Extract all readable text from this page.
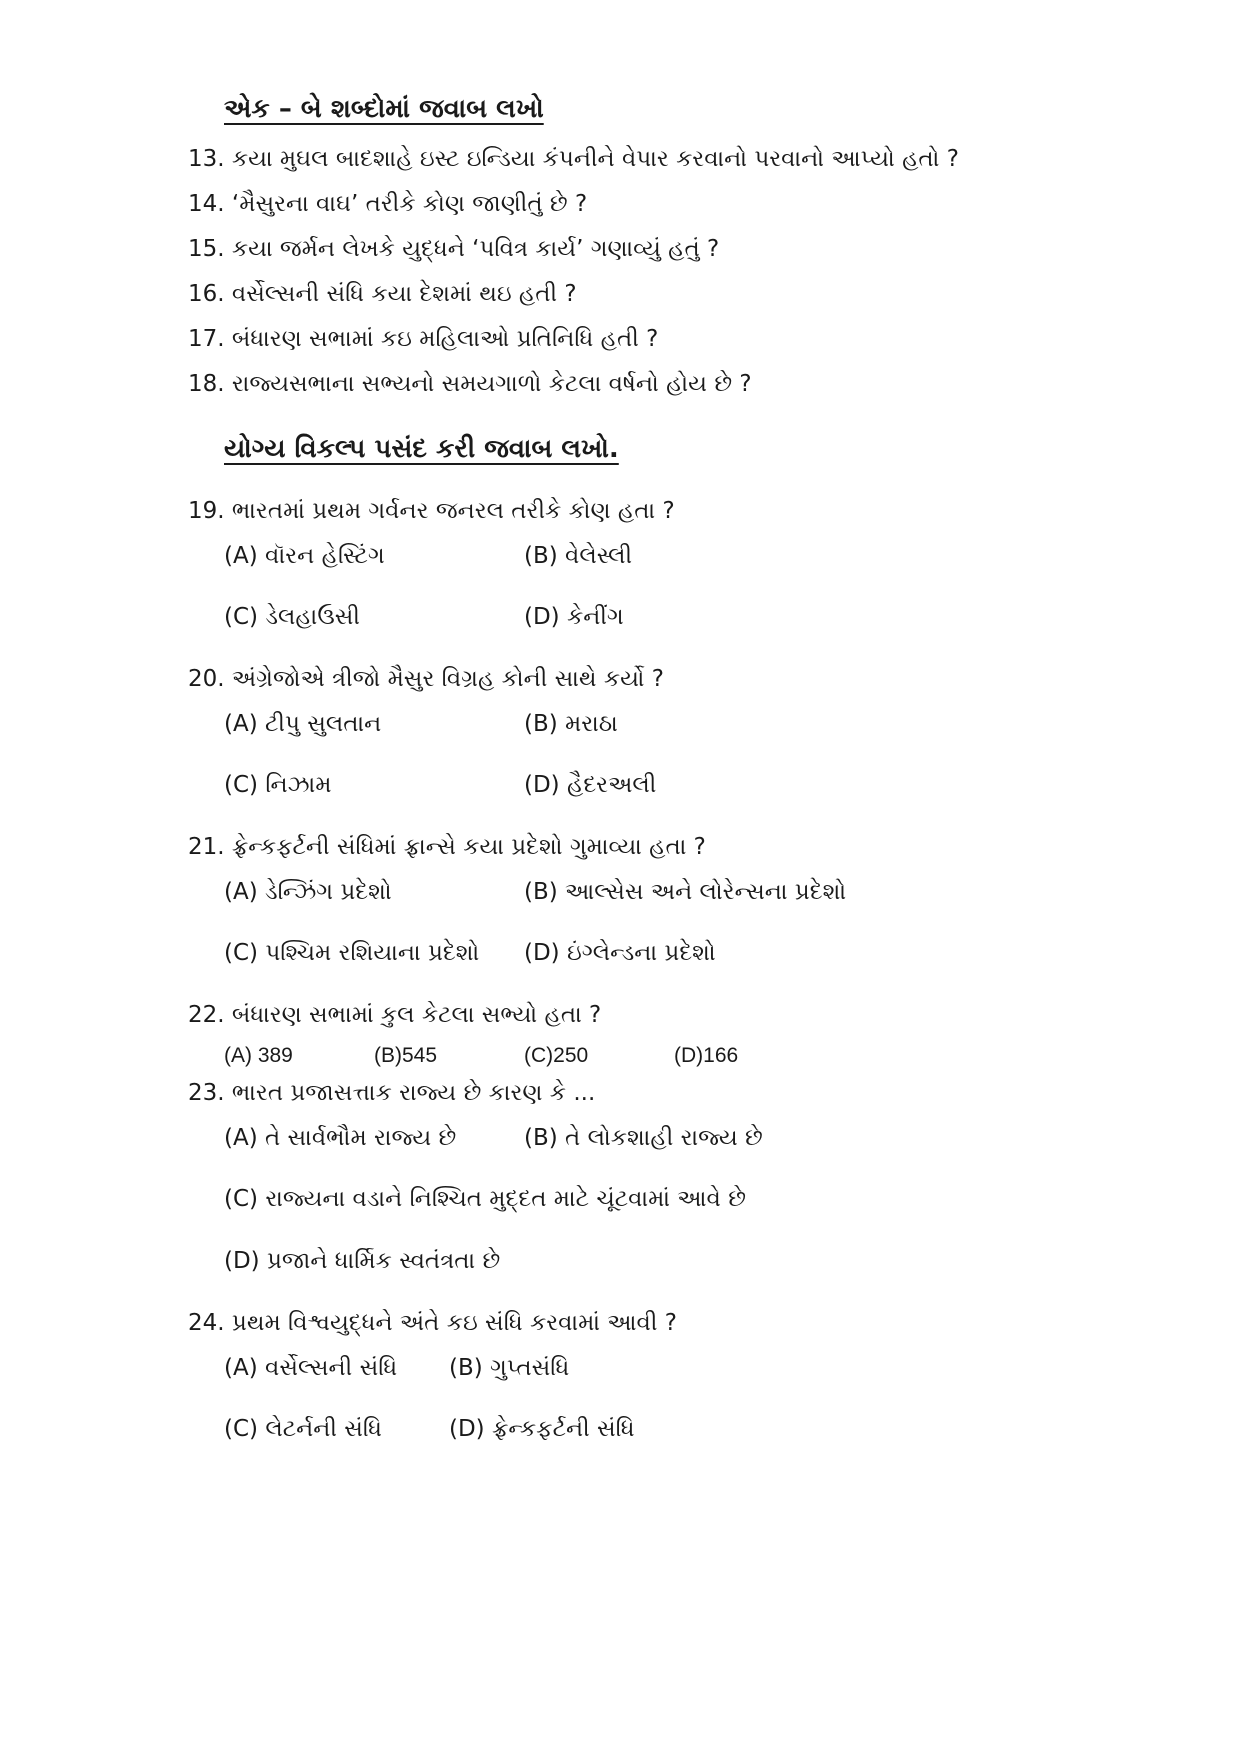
એક – બે શબ્દોમાં જવાબ લખો
13. કયા મુઘલ બાદશાહે ઇસ્ટ ઇન્ડિયા કંપનીને વેપાર કરવાનો પરવાનો આપ્યો હતો ?
14. ‘મૈસુરના વાઘ’ તરીકે કોણ જાણીતું છે ?
15. કયા જર્મન લેખકે યુદ્ધને ‘પવિત્ર કાર્ય’ ગણાવ્યું હતું ?
16. વર્સેલ્સની સંધિ કયા દેશમાં થઇ હતી ?
17. બંધારણ સભામાં કઇ મહિલાઓ પ્રતિનિધિ હતી ?
18. રાજ્યસભાના સભ્યનો સમયગાળો કેટલા વર્ષનો હોય છે ?
યોગ્ય વિકલ્પ પસંદ કરી જવાબ લખો.
19. ભારતમાં પ્રથમ ગર્વનર જનરલ તરીકે કોણ હતા ?
(A) વૉરન હેસ્ટિંગ	(B) વેલેસ્લી
(C) ડેલહાઉસી	(D) કેનીંગ
20. અંગ્રેજોએ ત્રીજો મૈસુર વિગ્રહ કોની સાથે કર્યો ?
(A) ટીપુ સુલતાન	(B) મરાઠા
(C) નિઝામ	(D) હૈદરઅલી
21. ફ્રેન્કફર્ટની સંધિમાં ફ્રાન્સે કયા પ્રદેશો ગુમાવ્યા હતા ?
(A) ડેન્ઝિંગ પ્રદેશો	(B) આલ્સેસ અને લોરેન્સના પ્રદેશો
(C) પશ્ચિમ રશિયાના પ્રદેશો (D) ઇંગ્લેન્ડના પ્રદેશો
22. બંધારણ સભામાં કુલ કેટલા સભ્યો હતા ?
(A) 389	(B)545	(C)250	(D)166
23. ભારત પ્રજાસત્તાક રાજ્ય છે કારણ કે ...
(A) તે સાર્વભૌમ રાજ્ય છે	(B) તે લોકશાહી રાજ્ય છે
(C) રાજ્યના વડાને નિશ્ચિત મુદ્દત માટે ચૂંટવામાં આવે છે
(D) પ્રજાને ધાર્મિક સ્વતંત્રતા છે
24. પ્રથમ વિશ્વયુદ્ધને અંતે કઇ સંધિ કરવામાં આવી ?
(A) વર્સેલ્સની સંધિ (B) ગુપ્તસંધિ
(C) લેટર્નની સંધિ	(D) ફ્રેન્કફર્ટની સંધિ
